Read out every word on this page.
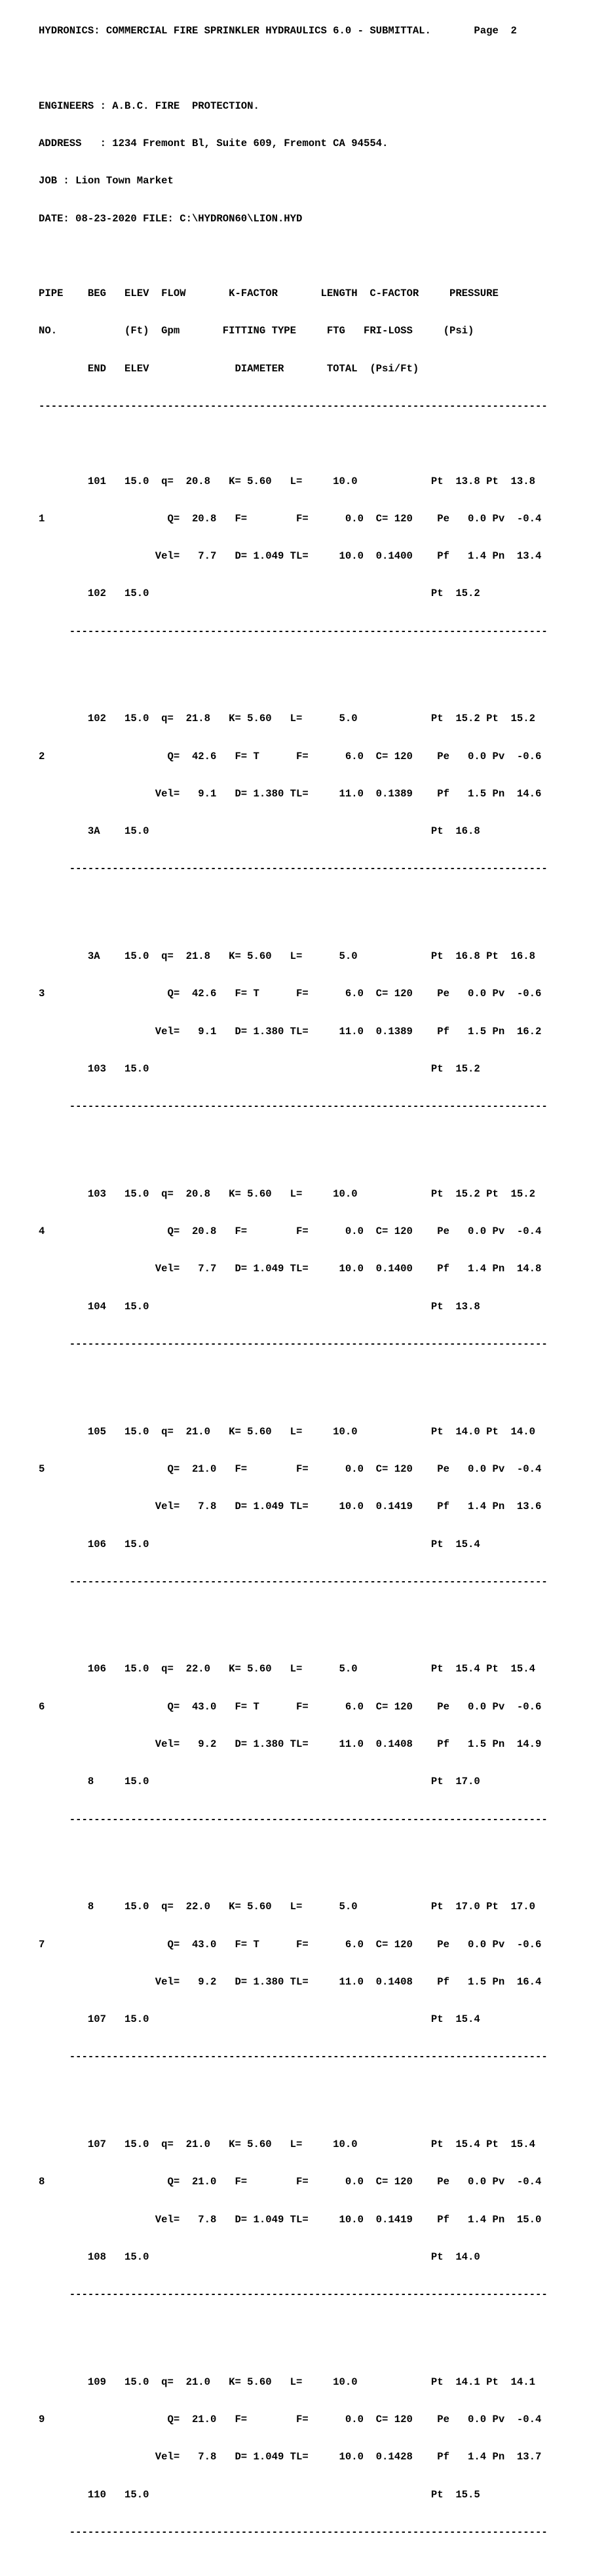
HYDRONICS: COMMERCIAL FIRE SPRINKLER HYDRAULICS 6.0 - SUBMITTAL.       Page  2

ENGINEERS : A.B.C. FIRE  PROTECTION.

ADDRESS   : 1234 Fremont Bl, Suite 609, Fremont CA 94554.

JOB : Lion Town Market

DATE: 08-23-2020 FILE: C:\HYDRON60\LION.HYD

PIPE    BEG   ELEV  FLOW       K-FACTOR       LENGTH  C-FACTOR     PRESSURE

NO.           (Ft)  Gpm       FITTING TYPE     FTG   FRI-LOSS     (Psi)

END   ELEV              DIAMETER       TOTAL  (Psi/Ft)

-----------------------------------------------------------------------------------

101   15.0  q=  20.8   K= 5.60   L=     10.0            Pt  13.8 Pt  13.8

1                    Q=  20.8   F=        F=      0.0  C= 120    Pe   0.0 Pv  -0.4

Vel=   7.7   D= 1.049 TL=     10.0  0.1400    Pf   1.4 Pn  13.4

102   15.0                                              Pt  15.2

------------------------------------------------------------------------------

102   15.0  q=  21.8   K= 5.60   L=      5.0            Pt  15.2 Pt  15.2

2                    Q=  42.6   F= T      F=      6.0  C= 120    Pe   0.0 Pv  -0.6

Vel=   9.1   D= 1.380 TL=     11.0  0.1389    Pf   1.5 Pn  14.6

3A    15.0                                              Pt  16.8

------------------------------------------------------------------------------

3A    15.0  q=  21.8   K= 5.60   L=      5.0            Pt  16.8 Pt  16.8

3                    Q=  42.6   F= T      F=      6.0  C= 120    Pe   0.0 Pv  -0.6

Vel=   9.1   D= 1.380 TL=     11.0  0.1389    Pf   1.5 Pn  16.2

103   15.0                                              Pt  15.2

------------------------------------------------------------------------------

103   15.0  q=  20.8   K= 5.60   L=     10.0            Pt  15.2 Pt  15.2

4                    Q=  20.8   F=        F=      0.0  C= 120    Pe   0.0 Pv  -0.4

Vel=   7.7   D= 1.049 TL=     10.0  0.1400    Pf   1.4 Pn  14.8

104   15.0                                              Pt  13.8

------------------------------------------------------------------------------

105   15.0  q=  21.0   K= 5.60   L=     10.0            Pt  14.0 Pt  14.0

5                    Q=  21.0   F=        F=      0.0  C= 120    Pe   0.0 Pv  -0.4

Vel=   7.8   D= 1.049 TL=     10.0  0.1419    Pf   1.4 Pn  13.6

106   15.0                                              Pt  15.4

------------------------------------------------------------------------------

106   15.0  q=  22.0   K= 5.60   L=      5.0            Pt  15.4 Pt  15.4

6                    Q=  43.0   F= T      F=      6.0  C= 120    Pe   0.0 Pv  -0.6

Vel=   9.2   D= 1.380 TL=     11.0  0.1408    Pf   1.5 Pn  14.9

8     15.0                                              Pt  17.0

------------------------------------------------------------------------------

8     15.0  q=  22.0   K= 5.60   L=      5.0            Pt  17.0 Pt  17.0

7                    Q=  43.0   F= T      F=      6.0  C= 120    Pe   0.0 Pv  -0.6

Vel=   9.2   D= 1.380 TL=     11.0  0.1408    Pf   1.5 Pn  16.4

107   15.0                                              Pt  15.4

------------------------------------------------------------------------------

107   15.0  q=  21.0   K= 5.60   L=     10.0            Pt  15.4 Pt  15.4

8                    Q=  21.0   F=        F=      0.0  C= 120    Pe   0.0 Pv  -0.4

Vel=   7.8   D= 1.049 TL=     10.0  0.1419    Pf   1.4 Pn  15.0

108   15.0                                              Pt  14.0

------------------------------------------------------------------------------

109   15.0  q=  21.0   K= 5.60   L=     10.0            Pt  14.1 Pt  14.1

9                    Q=  21.0   F=        F=      0.0  C= 120    Pe   0.0 Pv  -0.4

Vel=   7.8   D= 1.049 TL=     10.0  0.1428    Pf   1.4 Pn  13.7

110   15.0                                              Pt  15.5

------------------------------------------------------------------------------
